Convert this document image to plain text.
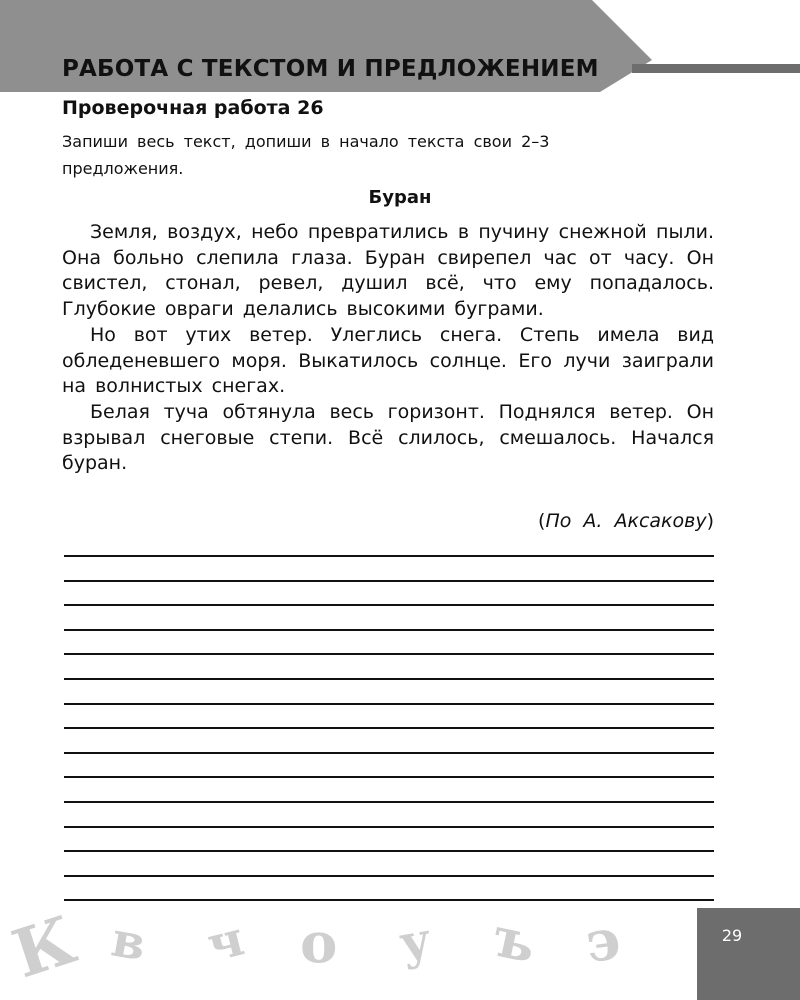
РАБОТА С ТЕКСТОМ И ПРЕДЛОЖЕНИЕМ
Проверочная работа 26

Запиши весь текст, допиши в начало текста свои 2–3 предложения.

Буран

Земля, воздух, небо превратились в пучину снежной пыли. Она больно слепила глаза. Буран свирепел час от часу. Он свистел, стонал, ревел, душил всё, что ему попадалось. Глубокие овраги делались высокими буграми.

Но вот утих ветер. Улеглись снега. Степь имела вид обледеневшего моря. Выкатилось солнце. Его лучи заиграли на волнистых снегах.

Белая туча обтянула весь горизонт. Поднялся ветер. Он взрывал снеговые степи. Всё слилось, смешалось. Начался буран.

(По А. Аксакову)

К в ч о у ъ э	29
